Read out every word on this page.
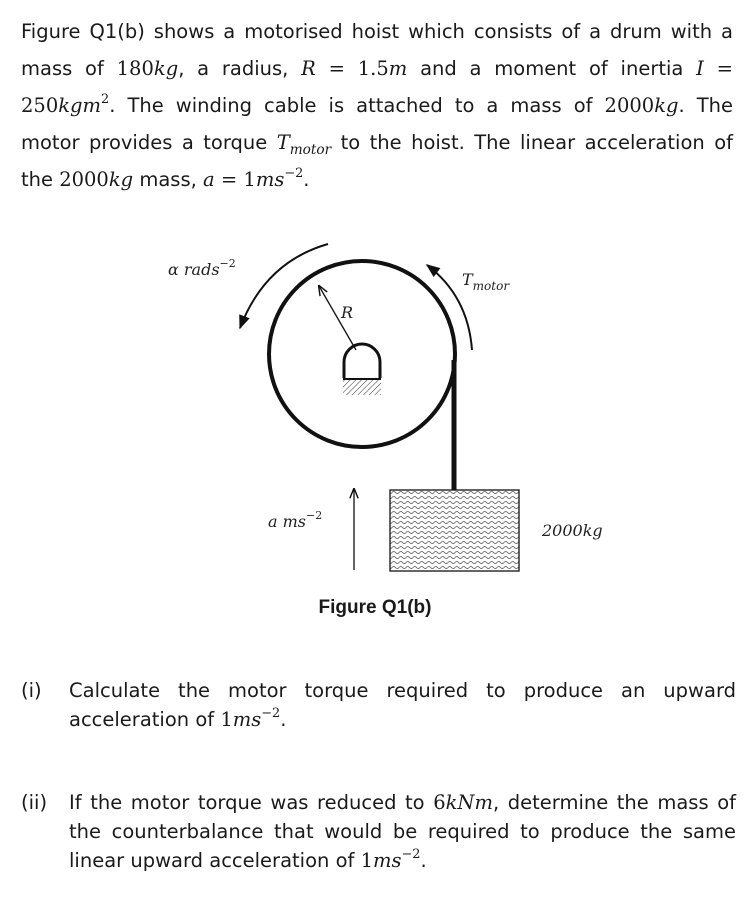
Figure Q1(b) shows a motorised hoist which consists of a drum with a mass of 180kg, a radius, R = 1.5m and a moment of inertia I = 250kgm$^2$. The winding cable is attached to a mass of 2000kg. The motor provides a torque $T_{motor}$ to the hoist. The linear acceleration of the 2000kg mass, $a = 1ms^{-2}$.
R
α rads$^{-2}$
$T_{motor}$
2000kg
a $ms^{-2}$
Figure Q1(b)
(i) Calculate the motor torque required to produce an upward acceleration of $1ms^{-2}$.
(ii) If the motor torque was reduced to 6kNm, determine the mass of the counterbalance that would be required to produce the same linear upward acceleration of $1ms^{-2}$.
